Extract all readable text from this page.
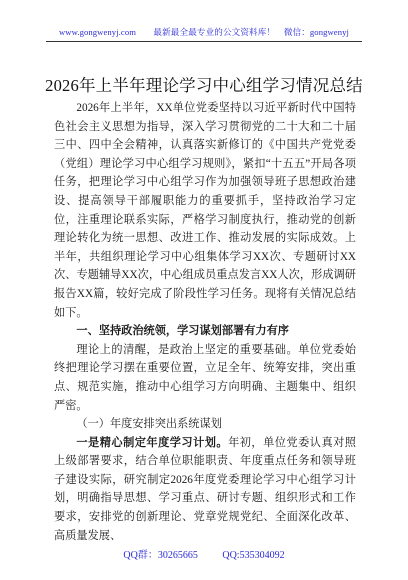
www.gongwenyj.com　　最新最全最专业的公文资料库！　微信：gongwenyj
2026年上半年理论学习中心组学习情况总结

2026年上半年，XX单位党委坚持以习近平新时代中国特色社会主义思想为指导，深入学习贯彻党的二十大和二十届三中、四中全会精神，认真落实新修订的《中国共产党党委（党组）理论学习中心组学习规则》，紧扣“十五五”开局各项任务，把理论学习中心组学习作为加强领导班子思想政治建设、提高领导干部履职能力的重要抓手，坚持政治学习定位，注重理论联系实际，严格学习制度执行，推动党的创新理论转化为统一思想、改进工作、推动发展的实际成效。上半年，共组织理论学习中心组集体学习XX次、专题研讨XX次、专题辅导XX次，中心组成员重点发言XX人次，形成调研报告XX篇，较好完成了阶段性学习任务。现将有关情况总结如下。

一、坚持政治统领，学习谋划部署有力有序

理论上的清醒，是政治上坚定的重要基础。单位党委始终把理论学习摆在重要位置，立足全年、统筹安排，突出重点、规范实施，推动中心组学习方向明确、主题集中、组织严密。

（一）年度安排突出系统谋划

一是精心制定年度学习计划。年初，单位党委认真对照上级部署要求，结合单位职能职责、年度重点任务和领导班子建设实际，研究制定2026年度党委理论学习中心组学习计划，明确指导思想、学习重点、研讨专题、组织形式和工作要求，安排党的创新理论、党章党规党纪、全面深化改革、高质量发展、

QQ群：30265665 QQ:535304092
